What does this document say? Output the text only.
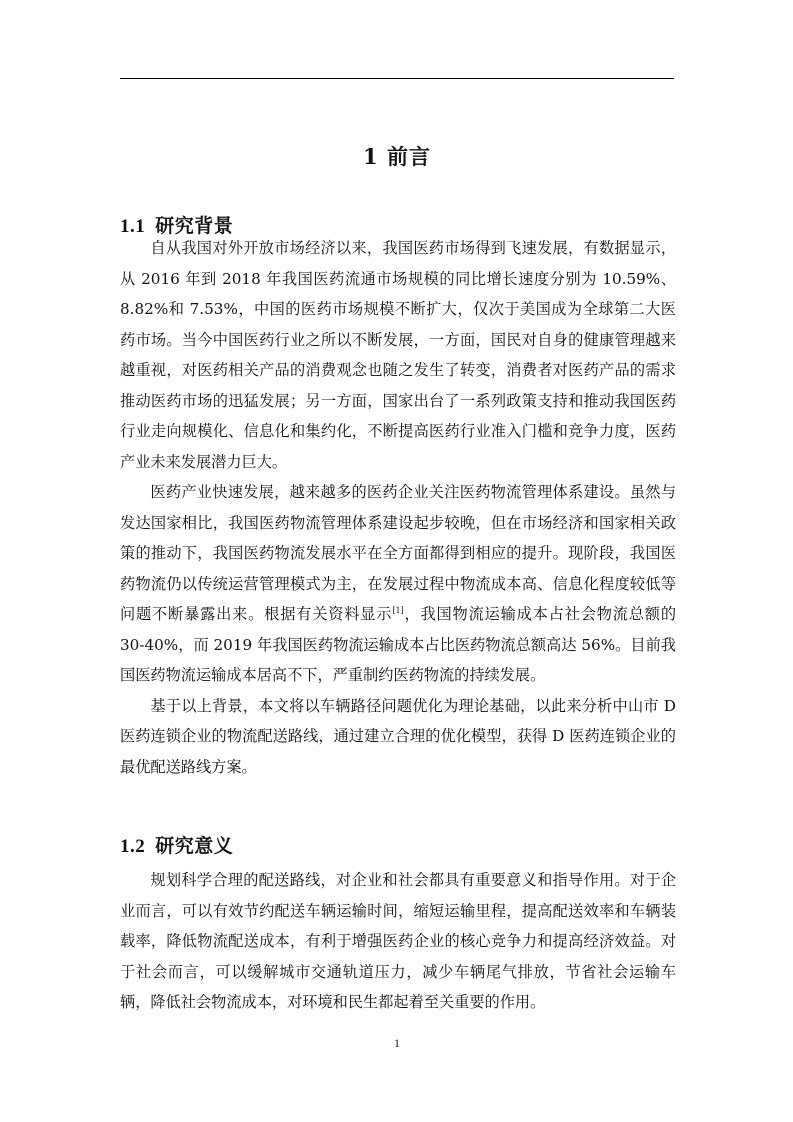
1 前言
1.1 研究背景

自从我国对外开放市场经济以来，我国医药市场得到飞速发展，有数据显示，从 2016 年到 2018 年我国医药流通市场规模的同比增长速度分别为 10.59%、8.82%和 7.53%，中国的医药市场规模不断扩大，仅次于美国成为全球第二大医药市场。当今中国医药行业之所以不断发展，一方面，国民对自身的健康管理越来越重视，对医药相关产品的消费观念也随之发生了转变，消费者对医药产品的需求推动医药市场的迅猛发展；另一方面，国家出台了一系列政策支持和推动我国医药行业走向规模化、信息化和集约化，不断提高医药行业准入门槛和竞争力度，医药产业未来发展潜力巨大。

医药产业快速发展，越来越多的医药企业关注医药物流管理体系建设。虽然与发达国家相比，我国医药物流管理体系建设起步较晚，但在市场经济和国家相关政策的推动下，我国医药物流发展水平在全方面都得到相应的提升。现阶段，我国医药物流仍以传统运营管理模式为主，在发展过程中物流成本高、信息化程度较低等问题不断暴露出来。根据有关资料显示[1]，我国物流运输成本占社会物流总额的 30-40%，而 2019 年我国医药物流运输成本占比医药物流总额高达 56%。目前我国医药物流运输成本居高不下，严重制约医药物流的持续发展。

基于以上背景，本文将以车辆路径问题优化为理论基础，以此来分析中山市 D 医药连锁企业的物流配送路线，通过建立合理的优化模型，获得 D 医药连锁企业的最优配送路线方案。

1.2 研究意义

规划科学合理的配送路线，对企业和社会都具有重要意义和指导作用。对于企业而言，可以有效节约配送车辆运输时间，缩短运输里程，提高配送效率和车辆装载率，降低物流配送成本，有利于增强医药企业的核心竞争力和提高经济效益。对于社会而言，可以缓解城市交通轨道压力，减少车辆尾气排放，节省社会运输车辆，降低社会物流成本，对环境和民生都起着至关重要的作用。

1
